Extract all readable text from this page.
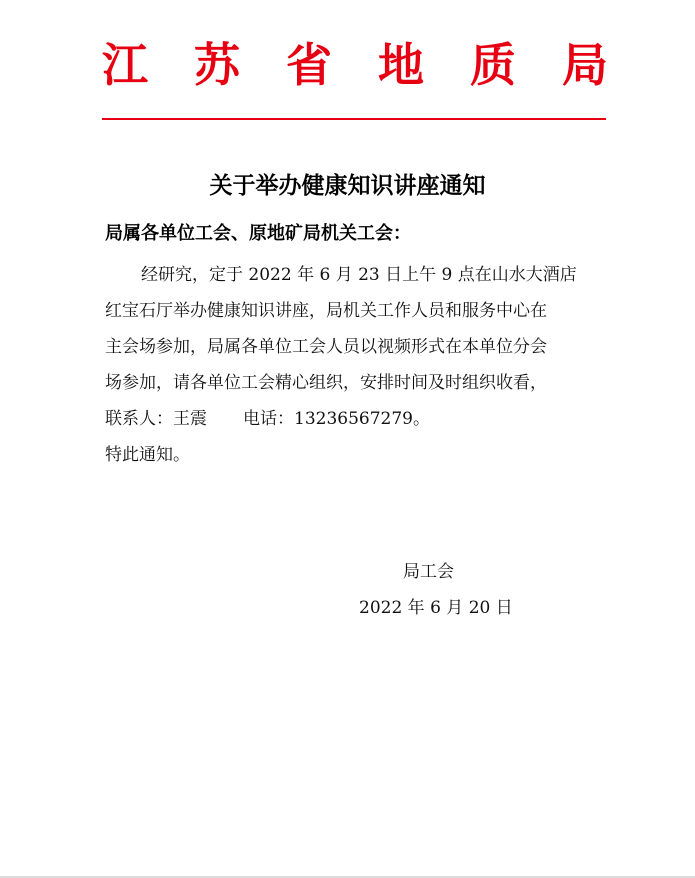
江 苏 省 地 质 局
关于举办健康知识讲座通知
局属各单位工会、原地矿局机关工会：
经研究，定于 2022 年 6 月 23 日上午 9 点在山水大酒店
红宝石厅举办健康知识讲座，局机关工作人员和服务中心在
主会场参加，局属各单位工会人员以视频形式在本单位分会
场参加，请各单位工会精心组织，安排时间及时组织收看，
联系人：王震 电话：13236567279。
特此通知。
局工会
2022 年 6 月 20 日
